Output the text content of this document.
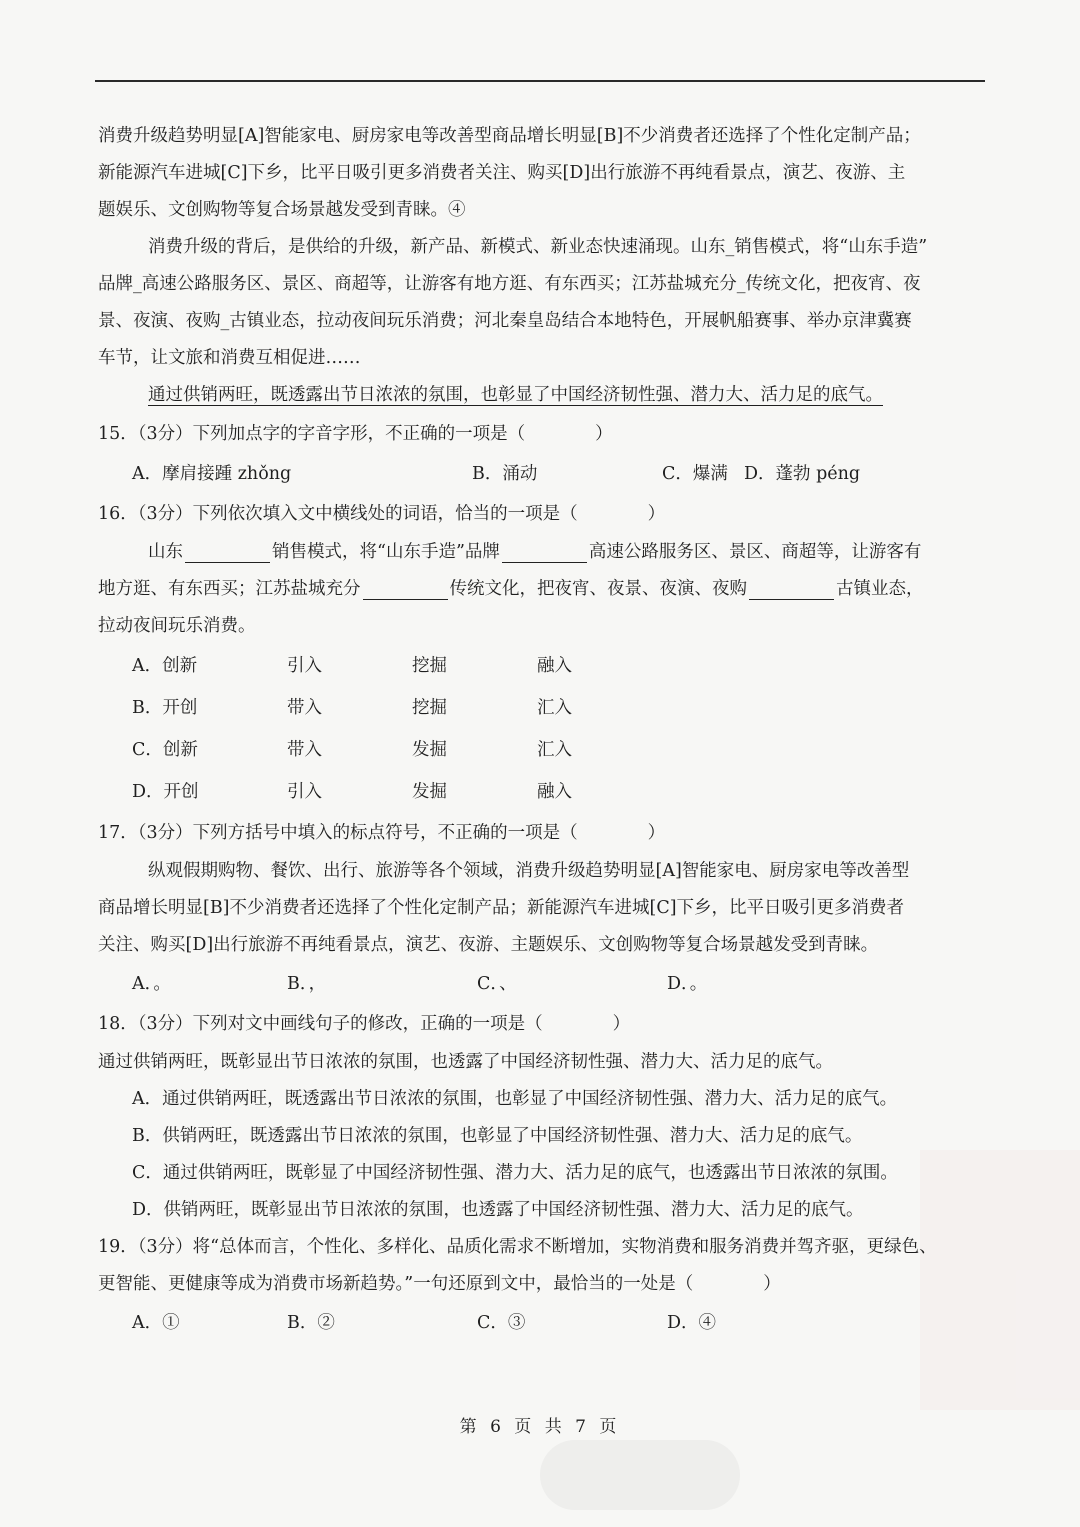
消费升级趋势明显[A]智能家电、厨房家电等改善型商品增长明显[B]不少消费者还选择了个性化定制产品；
新能源汽车进城[C]下乡，比平日吸引更多消费者关注、购买[D]出行旅游不再纯看景点，演艺、夜游、主
题娱乐、文创购物等复合场景越发受到青睐。④
消费升级的背后，是供给的升级，新产品、新模式、新业态快速涌现。山东_销售模式，将“山东手造”
品牌_高速公路服务区、景区、商超等，让游客有地方逛、有东西买；江苏盐城充分_传统文化，把夜宵、夜
景、夜演、夜购_古镇业态，拉动夜间玩乐消费；河北秦皇岛结合本地特色，开展帆船赛事、举办京津冀赛
车节，让文旅和消费互相促进……
通过供销两旺，既透露出节日浓浓的氛围，也彰显了中国经济韧性强、潜力大、活力足的底气。
15．（3分）下列加点字的字音字形，不正确的一项是（　　　　）
A．摩肩接踵 zhǒng	B．涌动	C．爆满 D．蓬勃 péng
16．（3分）下列依次填入文中横线处的词语，恰当的一项是（　　　　）
山东	销售模式，将“山东手造”品牌	高速公路服务区、景区、商超等，让游客有
地方逛、有东西买；江苏盐城充分	传统文化，把夜宵、夜景、夜演、夜购	古镇业态，
拉动夜间玩乐消费。
A．创新	引入	挖掘	融入
B．开创	带入	挖掘	汇入
C．创新	带入	发掘	汇入
D．开创	引入	发掘	融入
17．（3分）下列方括号中填入的标点符号，不正确的一项是（　　　　）
纵观假期购物、餐饮、出行、旅游等各个领域，消费升级趋势明显[A]智能家电、厨房家电等改善型
商品增长明显[B]不少消费者还选择了个性化定制产品；新能源汽车进城[C]下乡，比平日吸引更多消费者
关注、购买[D]出行旅游不再纯看景点，演艺、夜游、主题娱乐、文创购物等复合场景越发受到青睐。
A．。	B．，	C．、	D．。
18．（3分）下列对文中画线句子的修改，正确的一项是（　　　　）
通过供销两旺，既彰显出节日浓浓的氛围，也透露了中国经济韧性强、潜力大、活力足的底气。
A．通过供销两旺，既透露出节日浓浓的氛围，也彰显了中国经济韧性强、潜力大、活力足的底气。
B．供销两旺，既透露出节日浓浓的氛围，也彰显了中国经济韧性强、潜力大、活力足的底气。
C．通过供销两旺，既彰显了中国经济韧性强、潜力大、活力足的底气，也透露出节日浓浓的氛围。
D．供销两旺，既彰显出节日浓浓的氛围，也透露了中国经济韧性强、潜力大、活力足的底气。
19．（3分）将“总体而言，个性化、多样化、品质化需求不断增加，实物消费和服务消费并驾齐驱，更绿色、
更智能、更健康等成为消费市场新趋势。”一句还原到文中，最恰当的一处是（　　　　）
A．①	B．②	C．③	D．④
第 6 页 共 7 页
